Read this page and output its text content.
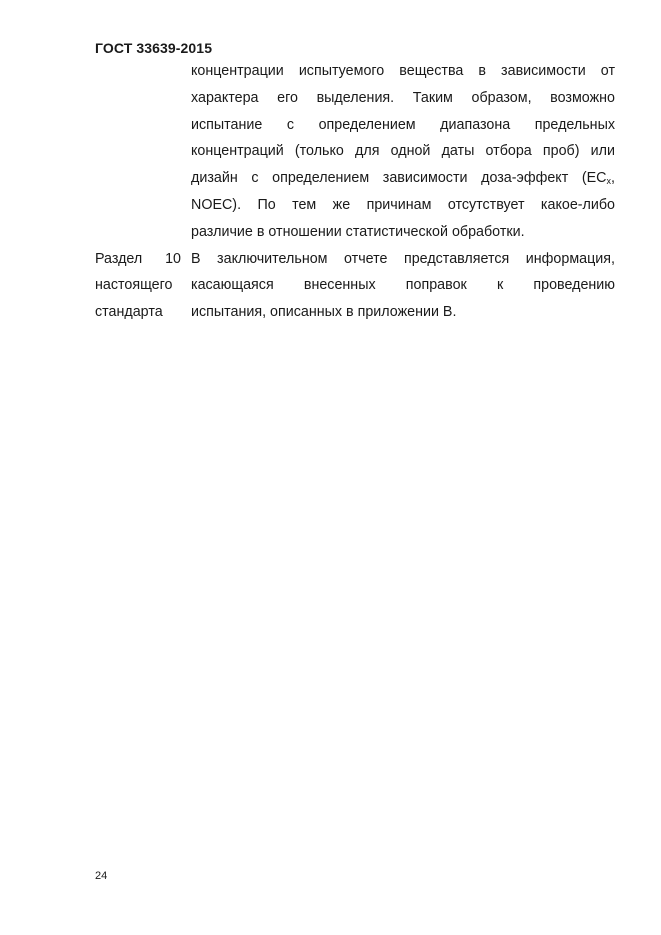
ГОСТ 33639-2015
концентрации испытуемого вещества в зависимости от
характера его выделения. Таким образом, возможно
испытание с определением диапазона предельных
концентраций (только для одной даты отбора проб) или
дизайн с определением зависимости доза-эффект ($EC_x$,
NOEC). По тем же причинам отсутствует какое-либо
различие в отношении статистической обработки.
Раздел 10
настоящего
стандарта
В заключительном отчете представляется информация,
касающаяся внесенных поправок к проведению
испытания, описанных в приложении В.
24
